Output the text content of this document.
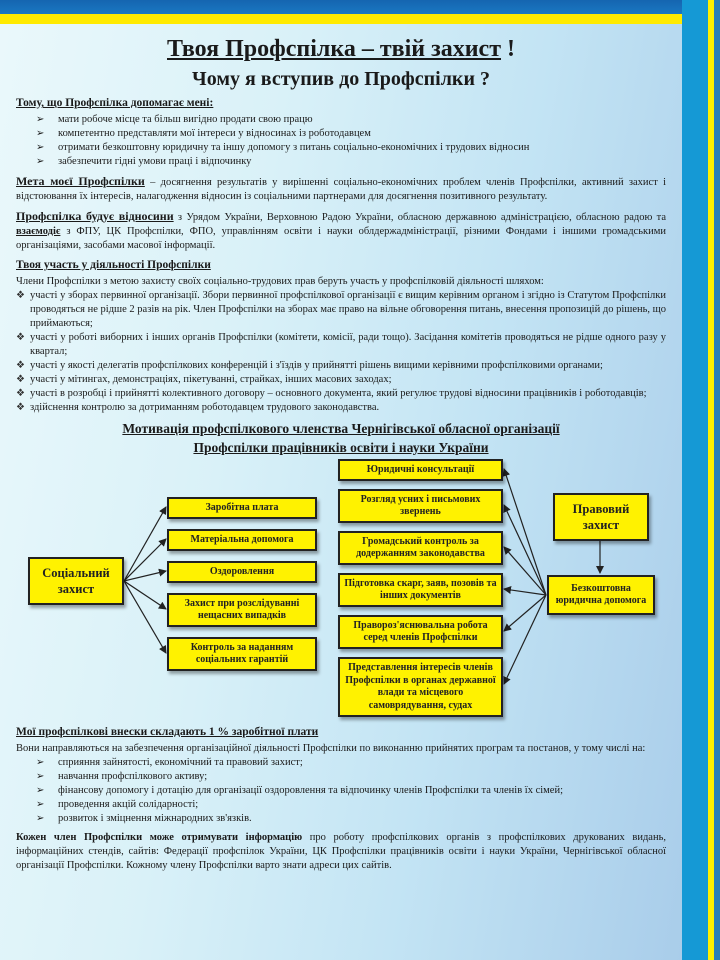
Твоя Профспілка – твій захист !
Чому я вступив до Профспілки ?
Тому, що Профспілка допомагає мені:
➢ мати робоче місце та більш вигідно продати свою працю
➢ компетентно представляти мої інтереси у відносинах із роботодавцем
➢ отримати безкоштовну юридичну та іншу допомогу з питань соціально-економічних і трудових відносин
➢ забезпечити гідні умови праці і відпочинку
Мета моєї Профспілки – досягнення результатів у вирішенні соціально-економічних проблем членів Профспілки, активний захист і відстоювання їх інтересів, налагодження відносин із соціальними партнерами для досягнення позитивного результату.
Профспілка будує відносини з Урядом України, Верховною Радою України, обласною державною адміністрацією, обласною радою та взаємодіє з ФПУ, ЦК Профспілки, ФПО, управлінням освіти і науки облдержадміністрації, різними Фондами і іншими громадськими організаціями, засобами масової інформації.
Твоя участь у діяльності Профспілки
Члени Профспілки з метою захисту своїх соціально-трудових прав беруть участь у профспілковій діяльності шляхом:
❖ участі у зборах первинної організації. Збори первинної профспілкової організації є вищим керівним органом і згідно із Статутом Профспілки проводяться не рідше 2 разів на рік. Член Профспілки на зборах має право на вільне обговорення питань, внесення пропозицій до рішень, що приймаються;
❖ участі у роботі виборних і інших органів Профспілки (комітети, комісії, ради тощо). Засідання комітетів проводяться не рідше одного разу у квартал;
❖ участі у якості делегатів профспілкових конференцій і з'їздів у прийнятті рішень вищими керівними профспілковими органами;
❖ участі у мітингах, демонстраціях, пікетуванні, страйках, інших масових заходах;
❖ участі в розробці і прийнятті колективного договору – основного документа, який регулює трудові відносини працівників і роботодавців;
❖ здійснення контролю за дотриманням роботодавцем трудового законодавства.
Мотивація профспілкового членства Чернігівської обласної організації
Профспілки працівників освіти і науки України
Соціальний захист
Заробітна плата
Матеріальна допомога
Оздоровлення
Захист при розслідуванні нещасних випадків
Контроль за наданням соціальних гарантій
Юридичні консультації
Розгляд усних і письмових звернень
Громадський контроль за додержанням законодавства
Підготовка скарг, заяв, позовів та інших документів
Правороз'яснювальна робота серед членів Профспілки
Представлення інтересів членів Профспілки в органах державної влади та місцевого самоврядування, судах
Правовий захист
Безкоштовна юридична допомога
Мої профспілкові внески складають 1 % заробітної плати
Вони направляються на забезпечення організаційної діяльності Профспілки по виконанню прийнятих програм та постанов, у тому числі на:
➢ сприяння зайнятості, економічний та правовий захист;
➢ навчання профспілкового активу;
➢ фінансову допомогу і дотацію для організації оздоровлення та відпочинку членів Профспілки та членів їх сімей;
➢ проведення акцій солідарності;
➢ розвиток і зміцнення міжнародних зв'язків.
Кожен член Профспілки може отримувати інформацію про роботу профспілкових органів з профспілкових друкованих видань, інформаційних стендів, сайтів: Федерації профспілок України, ЦК Профспілки працівників освіти і науки України, Чернігівської обласної організації Профспілки. Кожному члену Профспілки варто знати адреси цих сайтів.
